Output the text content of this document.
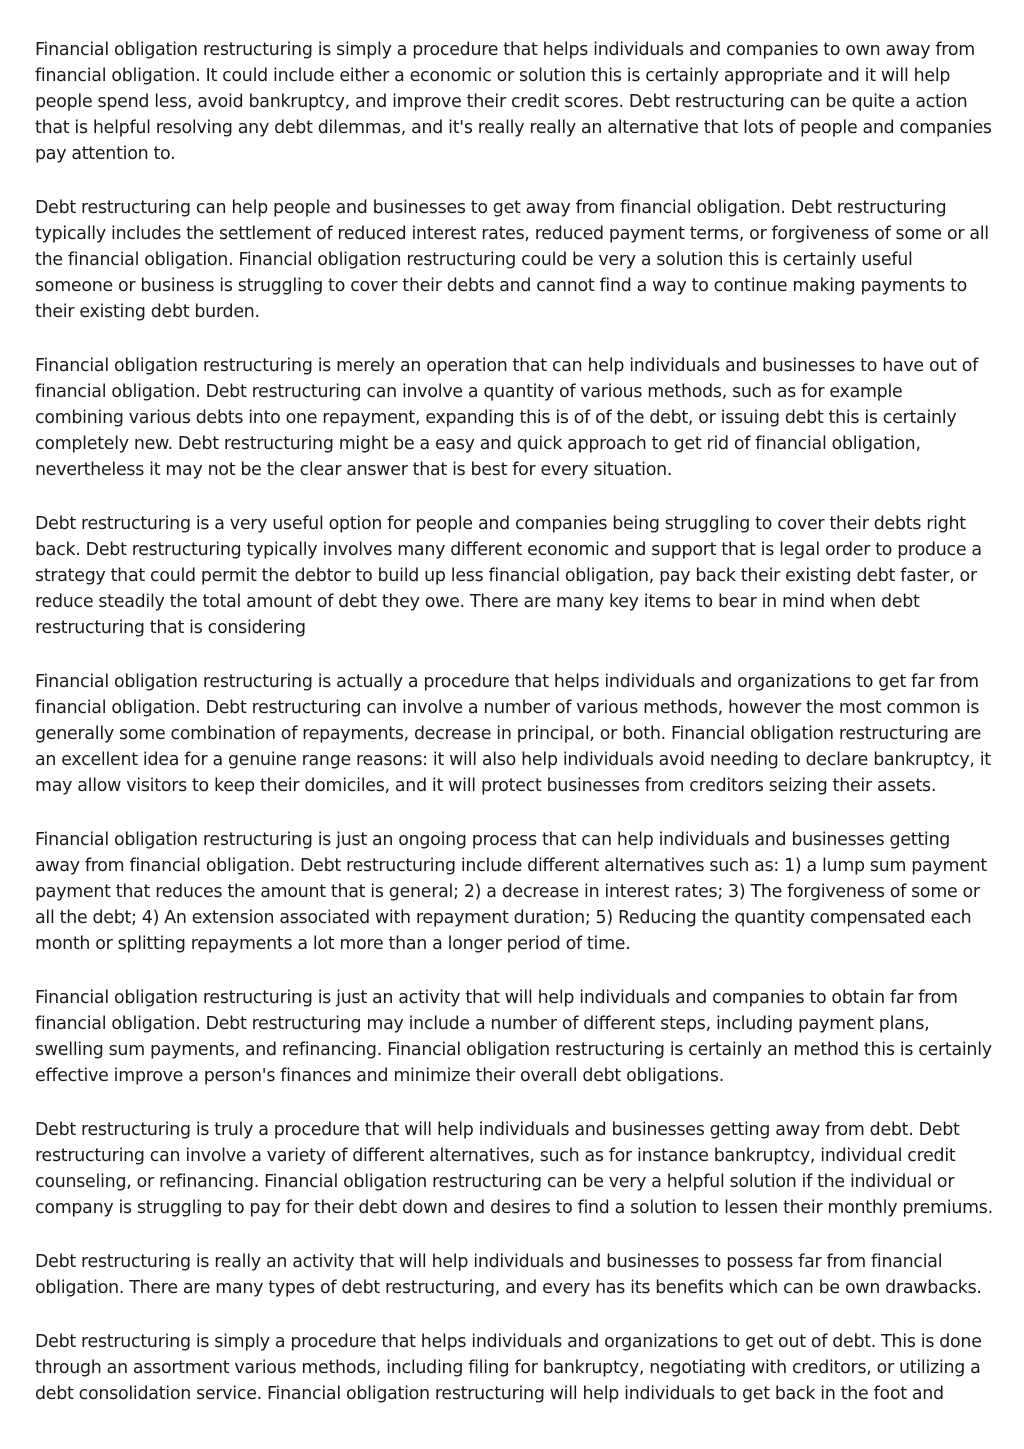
Financial obligation restructuring is simply a procedure that helps individuals and companies to own away from financial obligation. It could include either a economic or solution this is certainly appropriate and it will help people spend less, avoid bankruptcy, and improve their credit scores. Debt restructuring can be quite a action that is helpful resolving any debt dilemmas, and it's really really an alternative that lots of people and companies pay attention to.

Debt restructuring can help people and businesses to get away from financial obligation. Debt restructuring typically includes the settlement of reduced interest rates, reduced payment terms, or forgiveness of some or all the financial obligation. Financial obligation restructuring could be very a solution this is certainly useful someone or business is struggling to cover their debts and cannot find a way to continue making payments to their existing debt burden.

Financial obligation restructuring is merely an operation that can help individuals and businesses to have out of financial obligation. Debt restructuring can involve a quantity of various methods, such as for example combining various debts into one repayment, expanding this is of of the debt, or issuing debt this is certainly completely new. Debt restructuring might be a easy and quick approach to get rid of financial obligation, nevertheless it may not be the clear answer that is best for every situation.

Debt restructuring is a very useful option for people and companies being struggling to cover their debts right back. Debt restructuring typically involves many different economic and support that is legal order to produce a strategy that could permit the debtor to build up less financial obligation, pay back their existing debt faster, or reduce steadily the total amount of debt they owe. There are many key items to bear in mind when debt restructuring that is considering

Financial obligation restructuring is actually a procedure that helps individuals and organizations to get far from financial obligation. Debt restructuring can involve a number of various methods, however the most common is generally some combination of repayments, decrease in principal, or both. Financial obligation restructuring are an excellent idea for a genuine range reasons: it will also help individuals avoid needing to declare bankruptcy, it may allow visitors to keep their domiciles, and it will protect businesses from creditors seizing their assets.

Financial obligation restructuring is just an ongoing process that can help individuals and businesses getting away from financial obligation. Debt restructuring include different alternatives such as: 1) a lump sum payment payment that reduces the amount that is general; 2) a decrease in interest rates; 3) The forgiveness of some or all the debt; 4) An extension associated with repayment duration; 5) Reducing the quantity compensated each month or splitting repayments a lot more than a longer period of time.

Financial obligation restructuring is just an activity that will help individuals and companies to obtain far from financial obligation. Debt restructuring may include a number of different steps, including payment plans, swelling sum payments, and refinancing. Financial obligation restructuring is certainly an method this is certainly effective improve a person's finances and minimize their overall debt obligations.

Debt restructuring is truly a procedure that will help individuals and businesses getting away from debt. Debt restructuring can involve a variety of different alternatives, such as for instance bankruptcy, individual credit counseling, or refinancing. Financial obligation restructuring can be very a helpful solution if the individual or company is struggling to pay for their debt down and desires to find a solution to lessen their monthly premiums.

Debt restructuring is really an activity that will help individuals and businesses to possess far from financial obligation. There are many types of debt restructuring, and every has its benefits which can be own drawbacks.

Debt restructuring is simply a procedure that helps individuals and organizations to get out of debt. This is done through an assortment various methods, including filing for bankruptcy, negotiating with creditors, or utilizing a debt consolidation service. Financial obligation restructuring will help individuals to get back in the foot and
